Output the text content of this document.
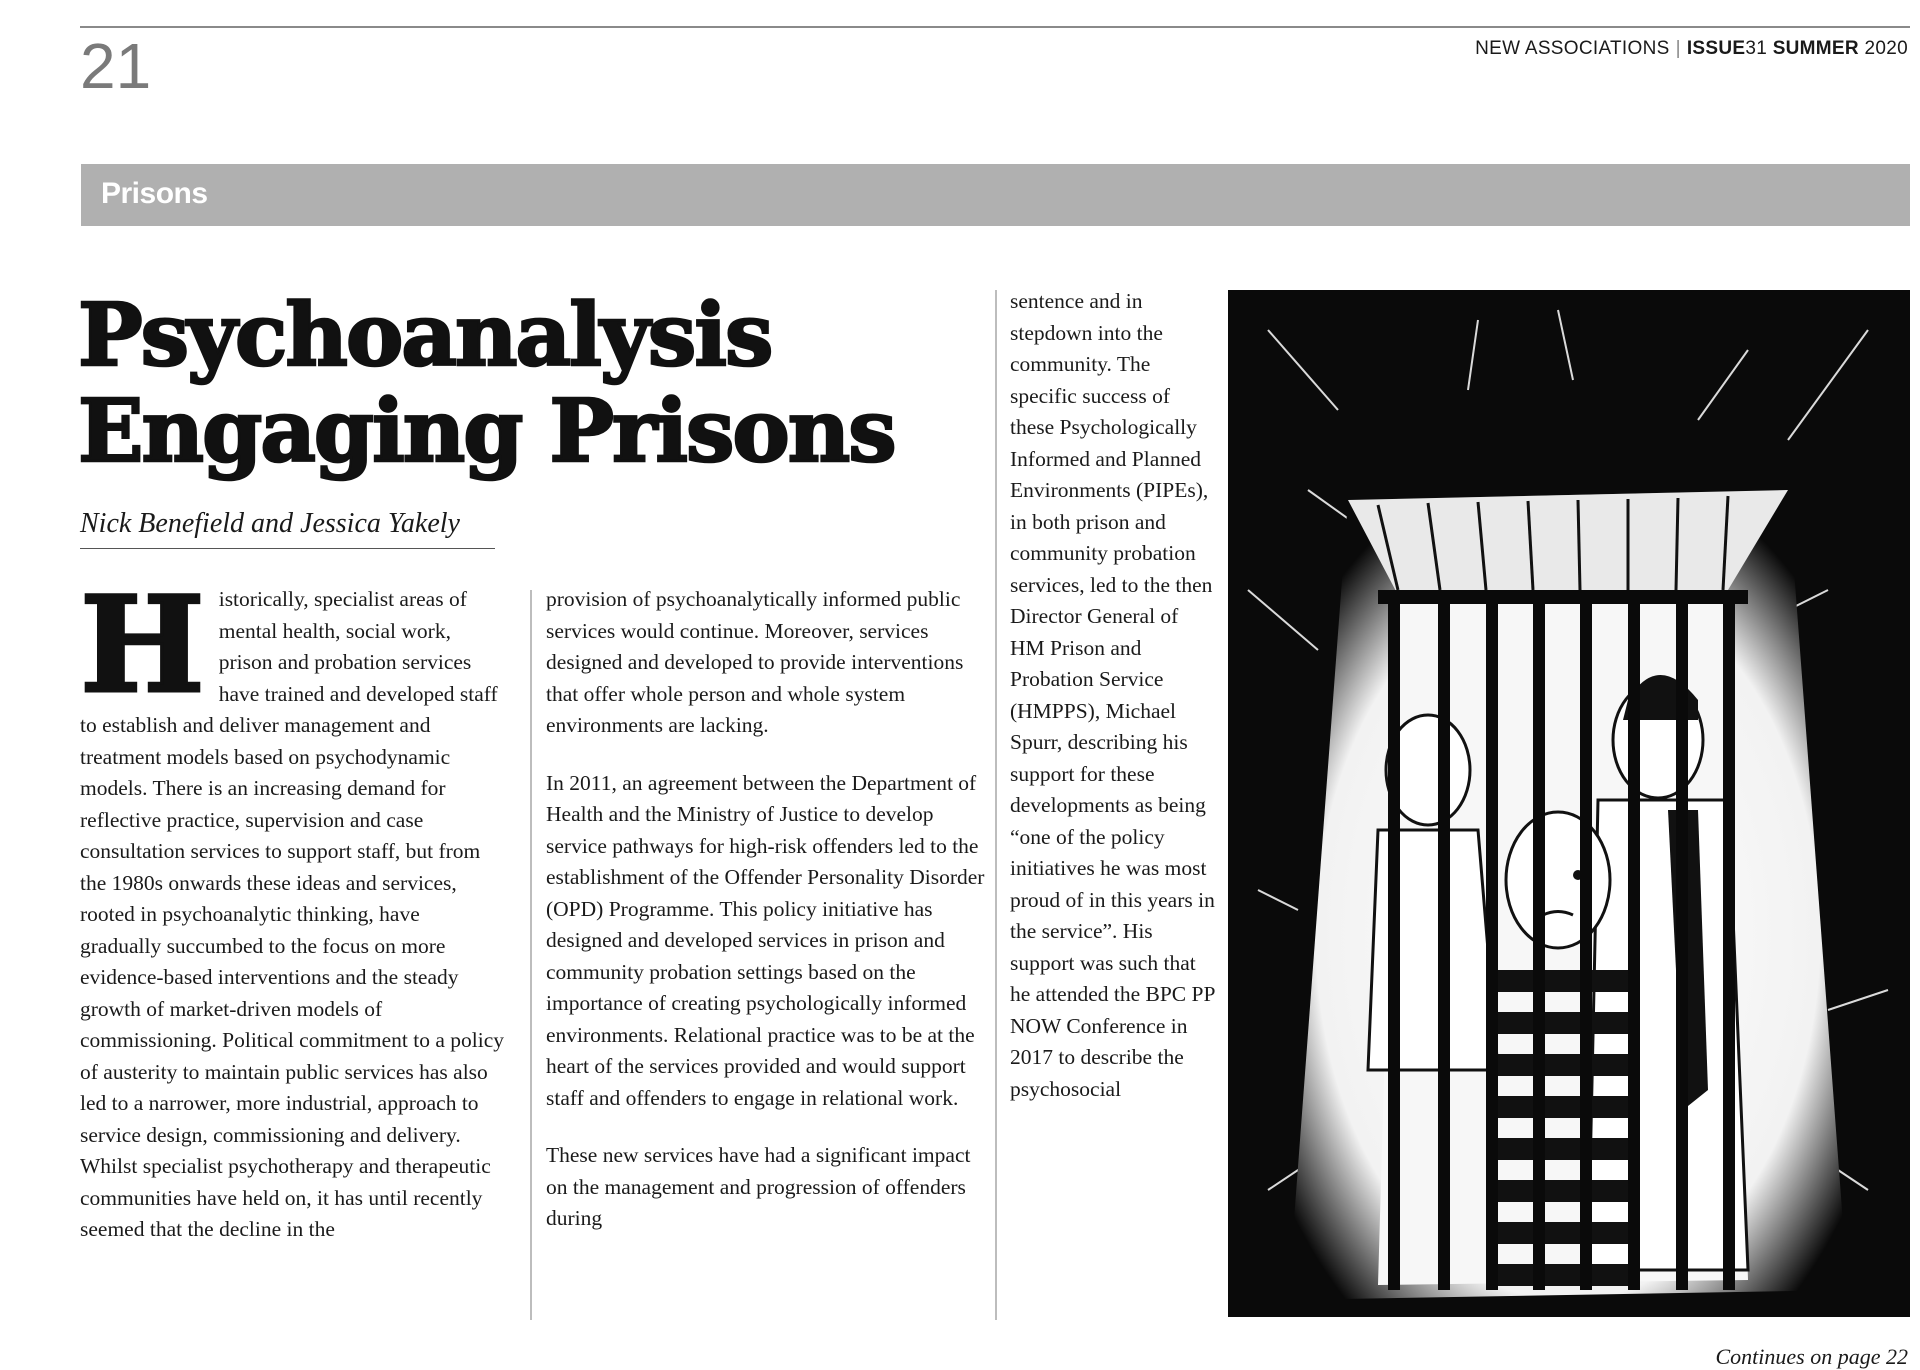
21	NEW ASSOCIATIONS | ISSUE31 SUMMER 2020
Prisons
Psychoanalysis
Engaging Prisons
Nick Benefield and Jessica Yakely
H istorically, specialist areas of mental health, social work, prison and probation services have trained and developed staff to establish and deliver management and treatment models based on psychodynamic models. There is an increasing demand for reflective practice, supervision and case consultation services to support staff, but from the 1980s onwards these ideas and services, rooted in psychoanalytic thinking, have gradually succumbed to the focus on more evidence-based interventions and the steady growth of market-driven models of commissioning. Political commitment to a policy of austerity to maintain public services has also led to a narrower, more industrial, approach to service design, commissioning and delivery. Whilst specialist psychotherapy and therapeutic communities have held on, it has until recently seemed that the decline in the

provision of psychoanalytically informed public services would continue. Moreover, services designed and developed to provide interventions that offer whole person and whole system environments are lacking.

In 2011, an agreement between the Department of Health and the Ministry of Justice to develop service pathways for high-risk offenders led to the establishment of the Offender Personality Disorder (OPD) Programme. This policy initiative has designed and developed services in prison and community probation settings based on the importance of creating psychologically informed environments. Relational practice was to be at the heart of the services provided and would support staff and offenders to engage in relational work.

These new services have had a significant impact on the management and progression of offenders during

sentence and in stepdown into the community. The specific success of these Psychologically Informed and Planned Environments (PIPEs), in both prison and community probation services, led to the then Director General of HM Prison and Probation Service (HMPPS), Michael Spurr, describing his support for these developments as being “one of the policy initiatives he was most proud of in this years in the service”. His support was such that he attended the BPC PP NOW Conference in 2017 to describe the psychosocial

Continues on page 22
